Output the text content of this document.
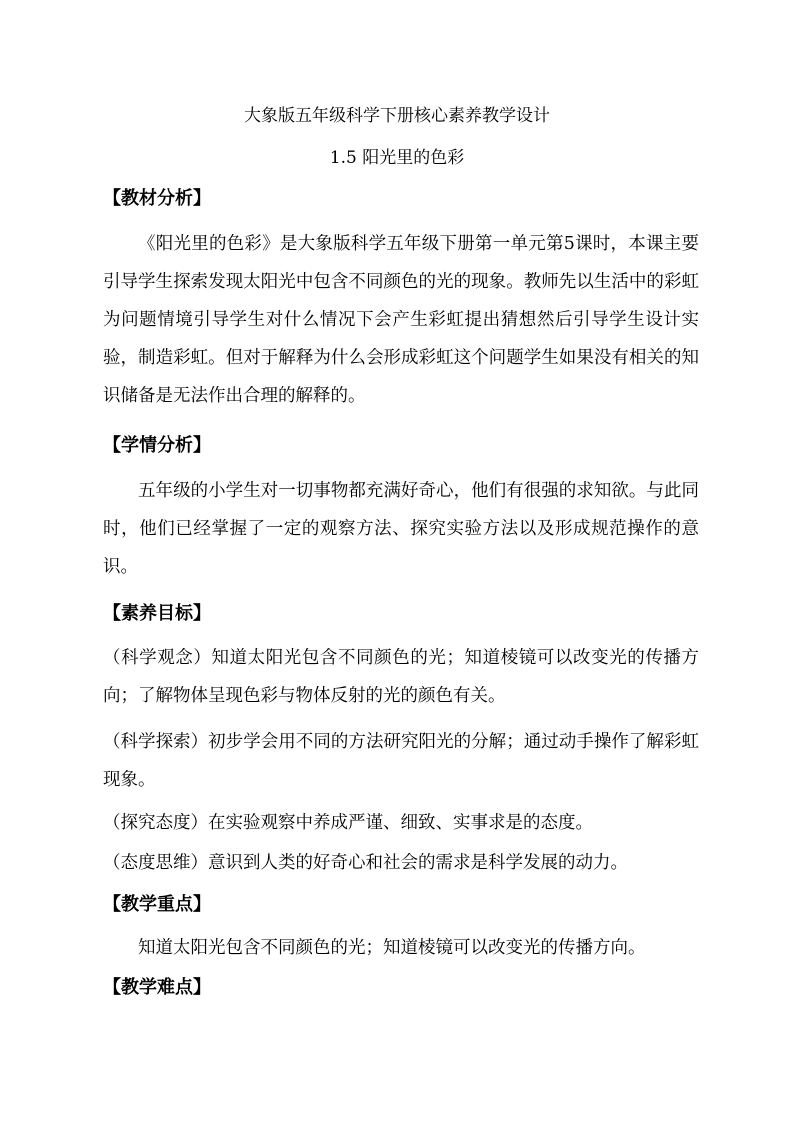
大象版五年级科学下册核心素养教学设计
1.5 阳光里的色彩
【教材分析】

《阳光里的色彩》是大象版科学五年级下册第一单元第5课时，本课主要引导学生探索发现太阳光中包含不同颜色的光的现象。教师先以生活中的彩虹为问题情境引导学生对什么情况下会产生彩虹提出猜想然后引导学生设计实验，制造彩虹。但对于解释为什么会形成彩虹这个问题学生如果没有相关的知识储备是无法作出合理的解释的。

【学情分析】

五年级的小学生对一切事物都充满好奇心，他们有很强的求知欲。与此同时，他们已经掌握了一定的观察方法、探究实验方法以及形成规范操作的意识。

【素养目标】

（科学观念）知道太阳光包含不同颜色的光；知道棱镜可以改变光的传播方向；了解物体呈现色彩与物体反射的光的颜色有关。

（科学探索）初步学会用不同的方法研究阳光的分解；通过动手操作了解彩虹现象。

（探究态度）在实验观察中养成严谨、细致、实事求是的态度。

（态度思维）意识到人类的好奇心和社会的需求是科学发展的动力。

【教学重点】

知道太阳光包含不同颜色的光；知道棱镜可以改变光的传播方向。

【教学难点】
